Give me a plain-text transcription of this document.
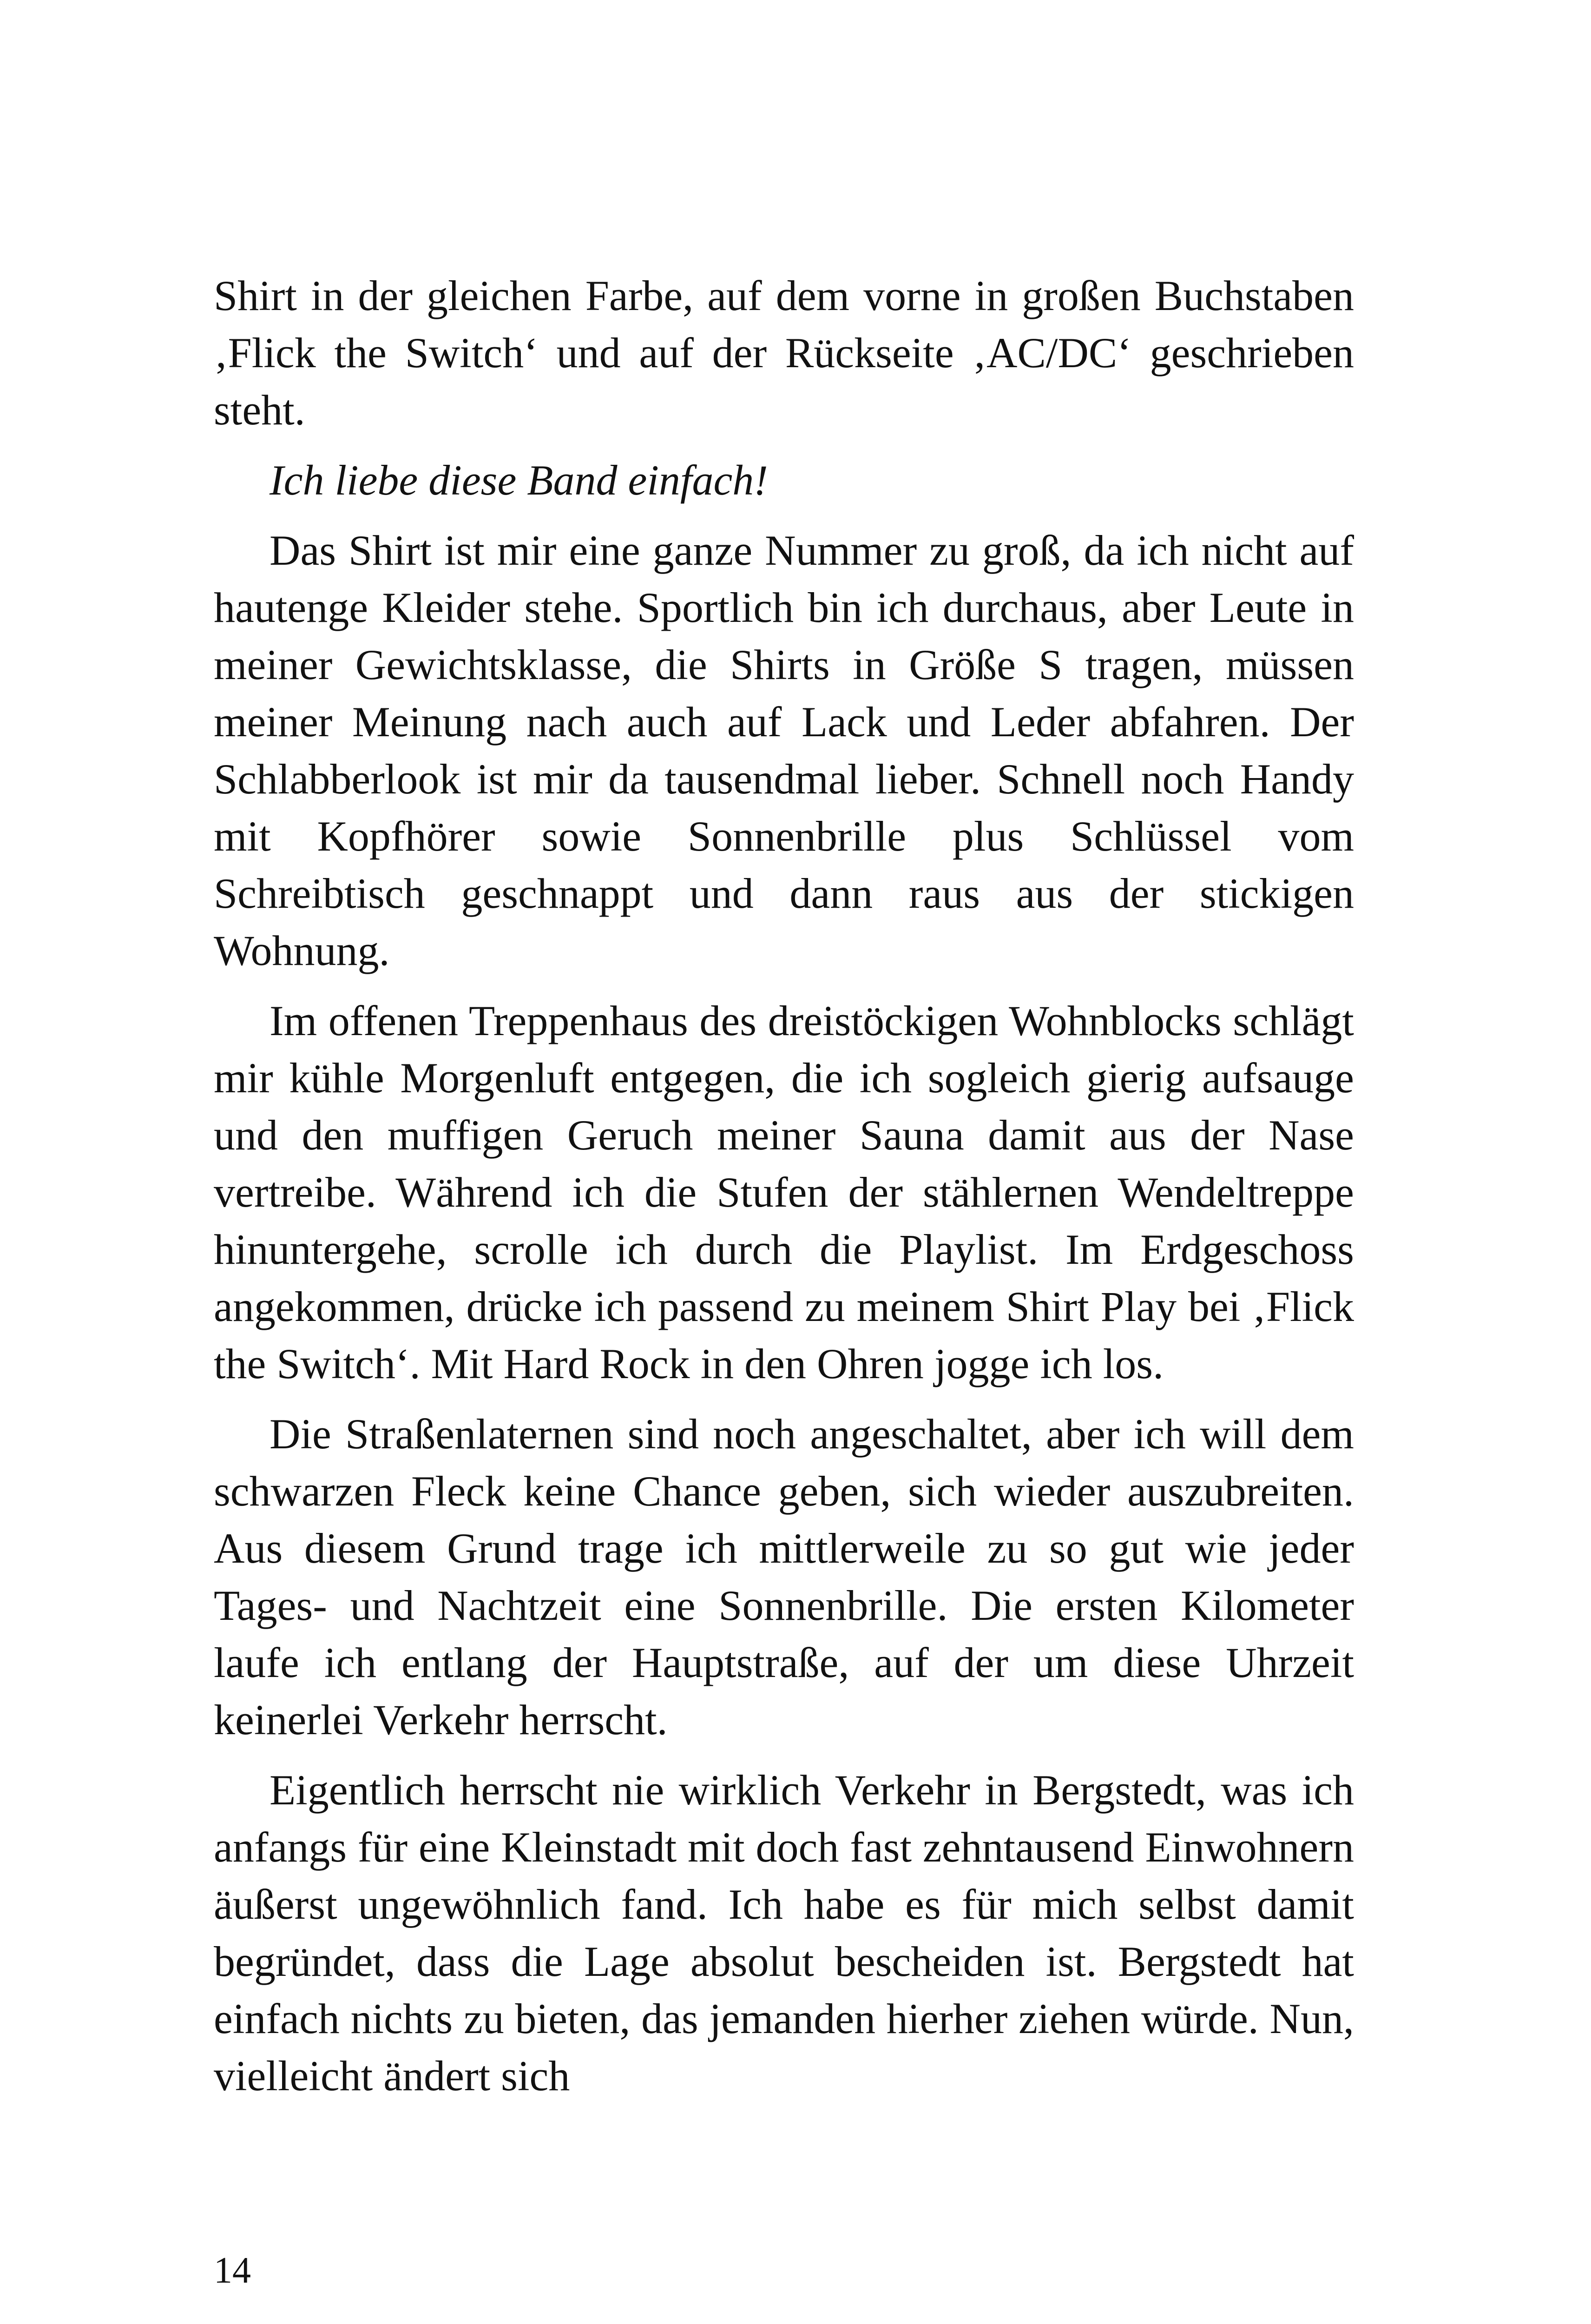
Shirt in der gleichen Farbe, auf dem vorne in großen Buchstaben ‚Flick the Switch‘ und auf der Rückseite ‚AC/DC‘ geschrieben steht.

Ich liebe diese Band einfach!

Das Shirt ist mir eine ganze Nummer zu groß, da ich nicht auf hautenge Kleider stehe. Sportlich bin ich durchaus, aber Leute in meiner Gewichtsklasse, die Shirts in Größe S tragen, müssen meiner Meinung nach auch auf Lack und Leder abfahren. Der Schlabberlook ist mir da tausendmal lieber. Schnell noch Handy mit Kopfhörer sowie Sonnenbrille plus Schlüssel vom Schreibtisch geschnappt und dann raus aus der stickigen Wohnung.

Im offenen Treppenhaus des dreistöckigen Wohnblocks schlägt mir kühle Morgenluft entgegen, die ich sogleich gierig aufsauge und den muffigen Geruch meiner Sauna damit aus der Nase vertreibe. Während ich die Stufen der stählernen Wendeltreppe hinuntergehe, scrolle ich durch die Playlist. Im Erdgeschoss angekommen, drücke ich passend zu meinem Shirt Play bei ‚Flick the Switch‘. Mit Hard Rock in den Ohren jogge ich los.

Die Straßenlaternen sind noch angeschaltet, aber ich will dem schwarzen Fleck keine Chance geben, sich wieder auszubreiten. Aus diesem Grund trage ich mittlerweile zu so gut wie jeder Tages- und Nachtzeit eine Sonnenbrille. Die ersten Kilometer laufe ich entlang der Hauptstraße, auf der um diese Uhrzeit keinerlei Verkehr herrscht.

Eigentlich herrscht nie wirklich Verkehr in Bergstedt, was ich anfangs für eine Kleinstadt mit doch fast zehntausend Einwohnern äußerst ungewöhnlich fand. Ich habe es für mich selbst damit begründet, dass die Lage absolut bescheiden ist. Bergstedt hat einfach nichts zu bieten, das jemanden hierher ziehen würde. Nun, vielleicht ändert sich

14
